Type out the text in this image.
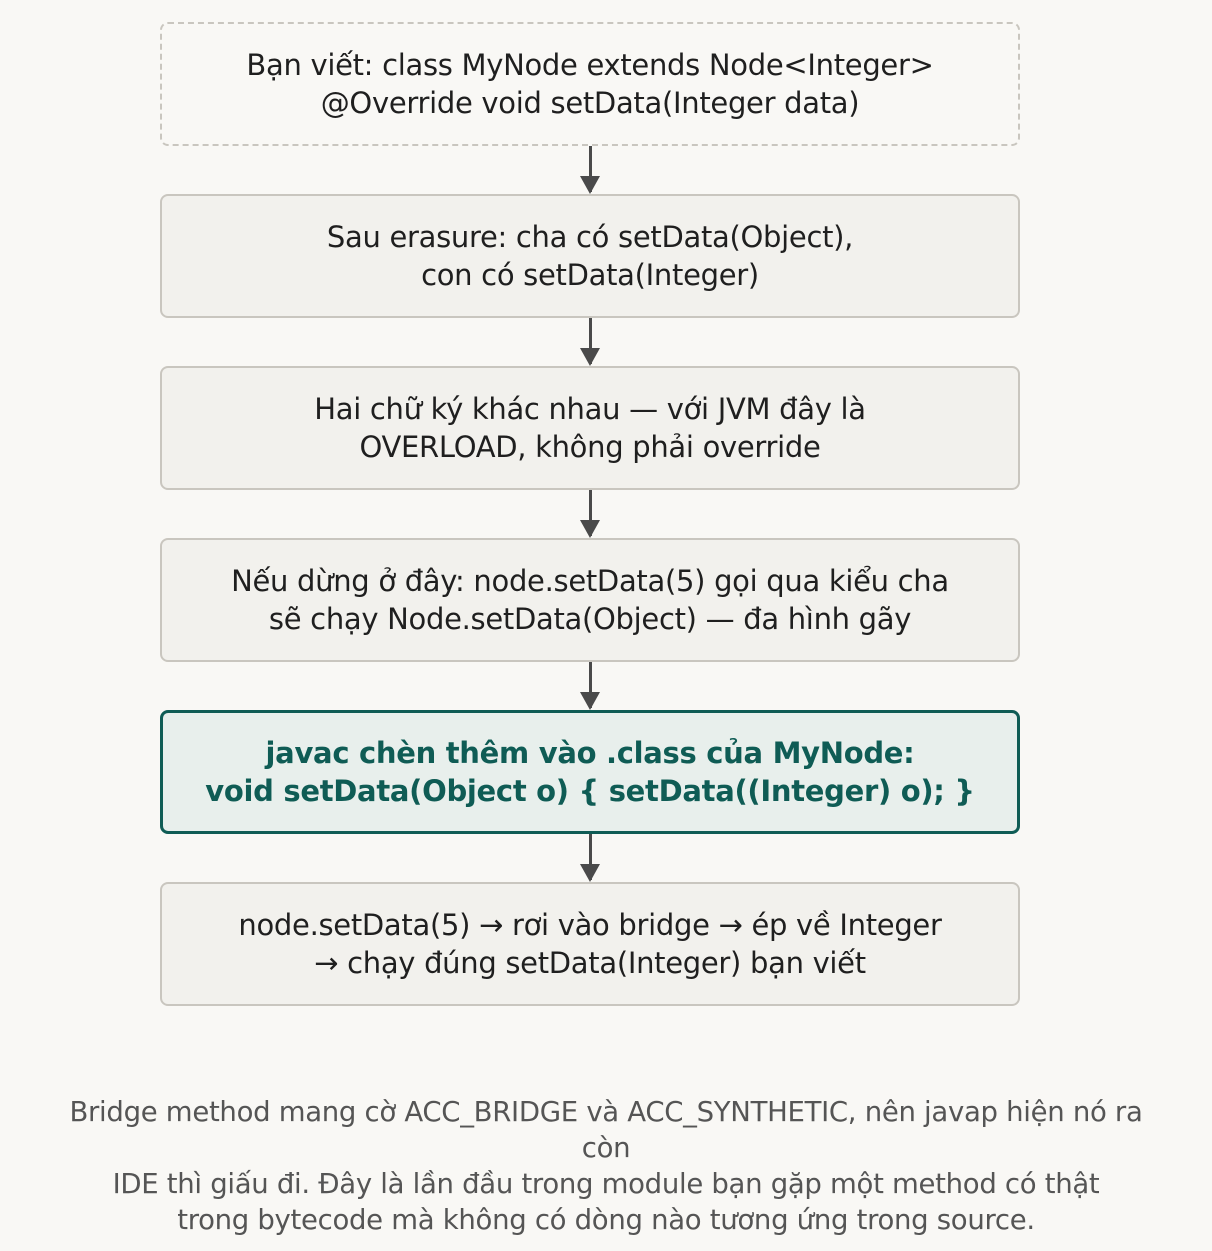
Bạn viết: class MyNode extends Node<Integer>
@Override void setData(Integer data)
Sau erasure: cha có setData(Object),
con có setData(Integer)
Hai chữ ký khác nhau — với JVM đây là
OVERLOAD, không phải override
Nếu dừng ở đây: node.setData(5) gọi qua kiểu cha
sẽ chạy Node.setData(Object) — đa hình gãy
javac chèn thêm vào .class của MyNode:
void setData(Object o) { setData((Integer) o); }
node.setData(5) → rơi vào bridge → ép về Integer
→ chạy đúng setData(Integer) bạn viết
Bridge method mang cờ ACC_BRIDGE và ACC_SYNTHETIC, nên javap hiện nó ra
còn
IDE thì giấu đi. Đây là lần đầu trong module bạn gặp một method có thật
trong bytecode mà không có dòng nào tương ứng trong source.
